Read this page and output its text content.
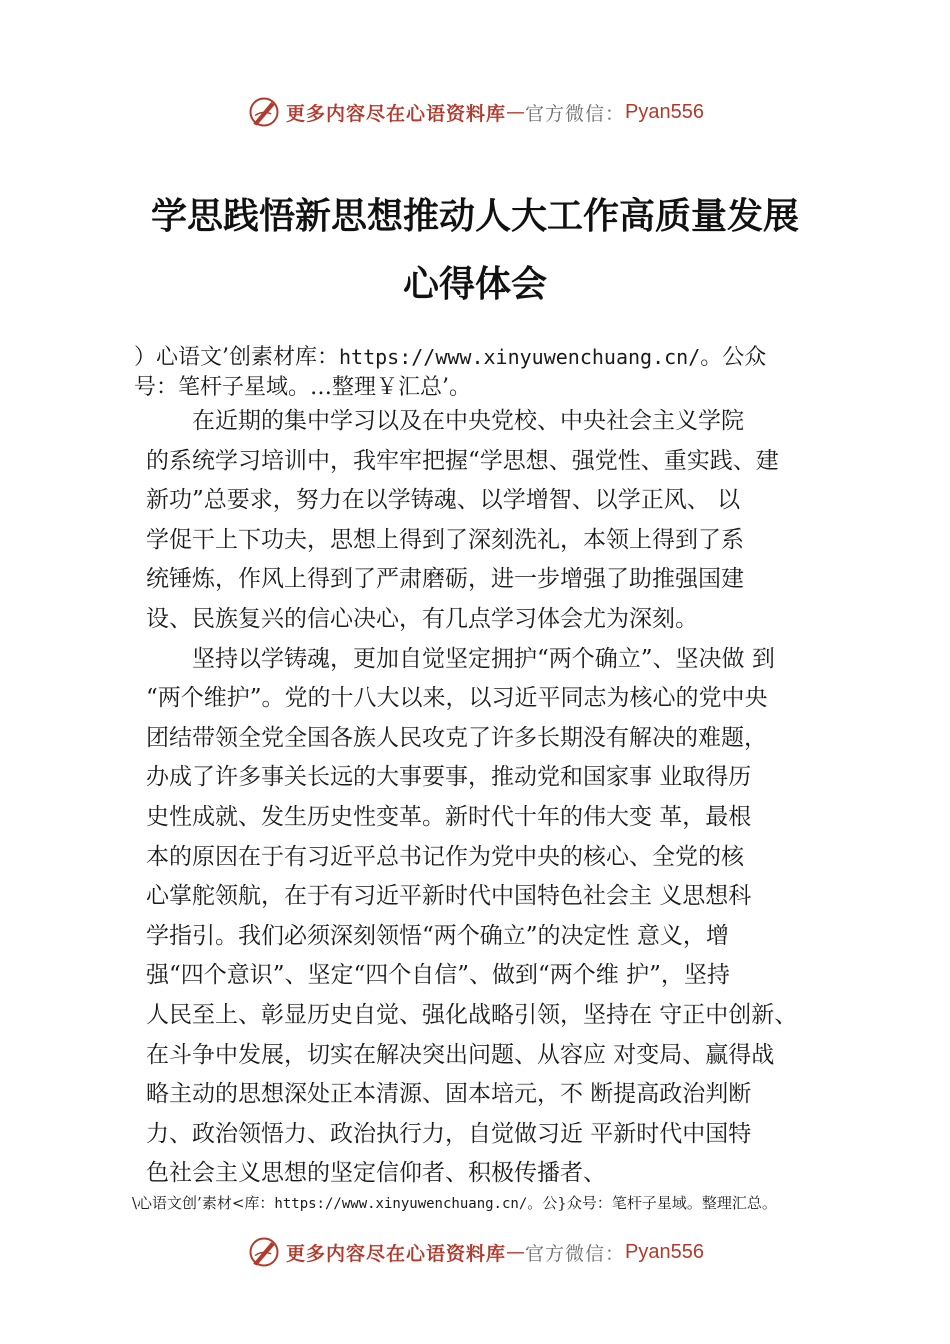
更多内容尽在心语资料库 — 官方微信： Pyan556
学思践悟新思想推动人大工作高质量发展
心得体会
）心语文’创素材库：https://www.xinyuwenchuang.cn/。公众
号：笔杆子星域。…整理￥汇总’。
　　在近期的集中学习以及在中央党校、中央社会主义学院
的系统学习培训中，我牢牢把握“学思想、强党性、重实践、建
新功”总要求，努力在以学铸魂、以学增智、以学正风、 以
学促干上下功夫，思想上得到了深刻洗礼，本领上得到了系
统锤炼，作风上得到了严肃磨砺，进一步增强了助推强国建
设、民族复兴的信心决心，有几点学习体会尤为深刻。
　　坚持以学铸魂，更加自觉坚定拥护“两个确立”、坚决做 到
“两个维护”。党的十八大以来，以习近平同志为核心的党中央
团结带领全党全国各族人民攻克了许多长期没有解决的难题，
办成了许多事关长远的大事要事，推动党和国家事 业取得历
史性成就、发生历史性变革。新时代十年的伟大变 革，最根
本的原因在于有习近平总书记作为党中央的核心、全党的核
心掌舵领航，在于有习近平新时代中国特色社会主 义思想科
学指引。我们必须深刻领悟“两个确立”的决定性 意义，增
强“四个意识”、坚定“四个自信”、做到“两个维 护”，坚持
人民至上、彰显历史自觉、强化战略引领，坚持在 守正中创新、
在斗争中发展，切实在解决突出问题、从容应 对变局、赢得战
略主动的思想深处正本清源、固本培元，不 断提高政治判断
力、政治领悟力、政治执行力，自觉做习近 平新时代中国特
色社会主义思想的坚定信仰者、积极传播者、
\心语文创’素材<库：https://www.xinyuwenchuang.cn/。公}众号：笔杆子星域。整理汇总。
更多内容尽在心语资料库 — 官方微信： Pyan556
